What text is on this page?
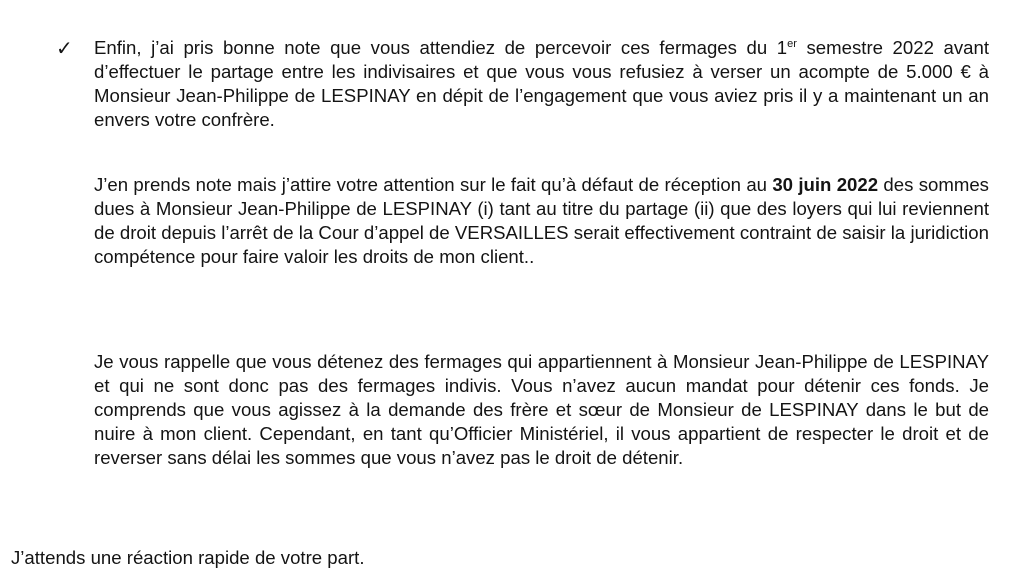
✓ Enfin, j’ai pris bonne note que vous attendiez de percevoir ces fermages du 1er semestre 2022 avant d’effectuer le partage entre les indivisaires et que vous vous refusiez à verser un acompte de 5.000 € à Monsieur Jean-Philippe de LESPINAY en dépit de l’engagement que vous aviez pris il y a maintenant un an envers votre confrère.
J’en prends note mais j’attire votre attention sur le fait qu’à défaut de réception au 30 juin 2022 des sommes dues à Monsieur Jean-Philippe de LESPINAY (i) tant au titre du partage (ii) que des loyers qui lui reviennent de droit depuis l’arrêt de la Cour d’appel de VERSAILLES serait effectivement contraint de saisir la juridiction compétence pour faire valoir les droits de mon client..
Je vous rappelle que vous détenez des fermages qui appartiennent à Monsieur Jean-Philippe de LESPINAY et qui ne sont donc pas des fermages indivis. Vous n’avez aucun mandat pour détenir ces fonds. Je comprends que vous agissez à la demande des frère et sœur de Monsieur de LESPINAY dans le but de nuire à mon client. Cependant, en tant qu’Officier Ministériel, il vous appartient de respecter le droit et de reverser sans délai les sommes que vous n’avez pas le droit de détenir.
J’attends une réaction rapide de votre part.
